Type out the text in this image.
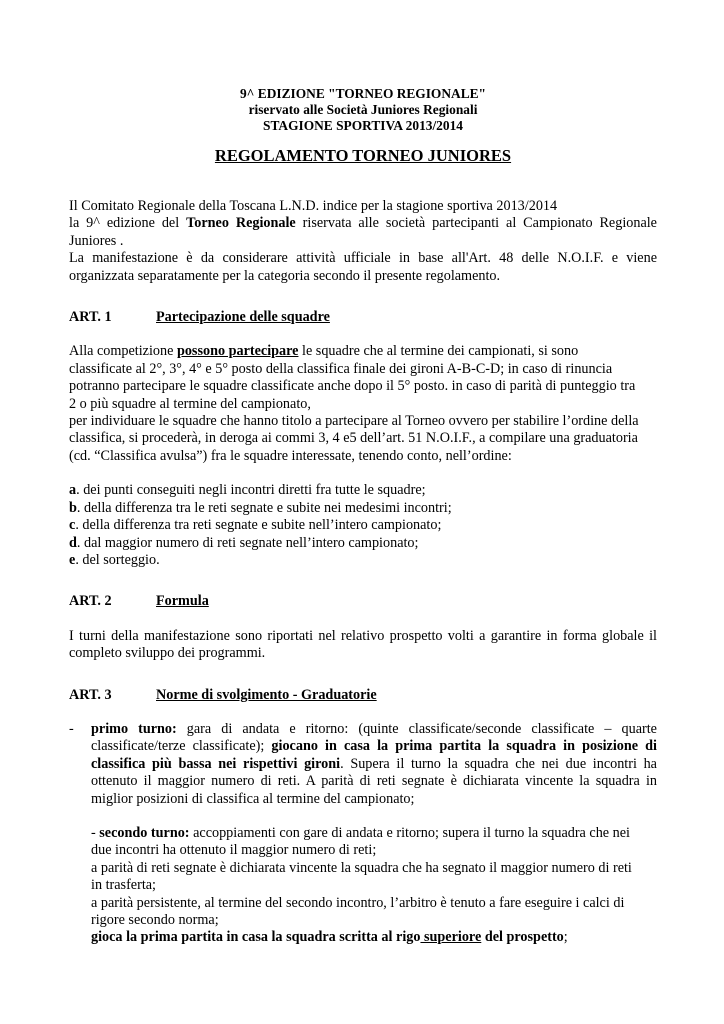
9^ EDIZIONE "TORNEO REGIONALE"
riservato alle Società Juniores Regionali
STAGIONE SPORTIVA 2013/2014
REGOLAMENTO TORNEO JUNIORES

Il Comitato Regionale della Toscana L.N.D. indice per la stagione sportiva 2013/2014

la 9^ edizione del Torneo Regionale riservata alle società partecipanti al Campionato Regionale Juniores .

La manifestazione è da considerare attività ufficiale in base all'Art. 48 delle N.O.I.F. e viene organizzata separatamente per la categoria secondo il presente regolamento.

ART. 1	Partecipazione delle squadre
Alla competizione possono partecipare le squadre che al termine dei campionati, si sono
classificate al 2°, 3°, 4° e 5° posto della classifica finale dei gironi A-B-C-D; in caso di rinuncia
potranno partecipare le squadre classificate anche dopo il 5° posto. in caso di parità di punteggio tra
2 o più squadre al termine del campionato,
per individuare le squadre che hanno titolo a partecipare al Torneo ovvero per stabilire l’ordine della
classifica, si procederà, in deroga ai commi 3, 4 e5 dell’art. 51 N.O.I.F., a compilare una graduatoria
(cd. “Classifica avulsa”) fra le squadre interessate, tenendo conto, nell’ordine:
a. dei punti conseguiti negli incontri diretti fra tutte le squadre;
b. della differenza tra le reti segnate e subite nei medesimi incontri;
c. della differenza tra reti segnate e subite nell’intero campionato;
d. dal maggior numero di reti segnate nell’intero campionato;
e. del sorteggio.
ART. 2	Formula

I turni della manifestazione sono riportati nel relativo prospetto volti a garantire in forma globale il completo sviluppo dei programmi.

ART. 3	Norme di svolgimento - Graduatorie
-	primo turno: gara di andata e ritorno: (quinte classificate/seconde classificate – quarte classificate/terze classificate); giocano in casa la prima partita la squadra in posizione di classifica più bassa nei rispettivi gironi. Supera il turno la squadra che nei due incontri ha ottenuto il maggior numero di reti. A parità di reti segnate è dichiarata vincente la squadra in miglior posizioni di classifica al termine del campionato;
- secondo turno: accoppiamenti con gare di andata e ritorno; supera il turno la squadra che nei
due incontri ha ottenuto il maggior numero di reti;
a parità di reti segnate è dichiarata vincente la squadra che ha segnato il maggior numero di reti
in trasferta;
a parità persistente, al termine del secondo incontro, l’arbitro è tenuto a fare eseguire i calci di
rigore secondo norma;
gioca la prima partita in casa la squadra scritta al rigo superiore del prospetto;
